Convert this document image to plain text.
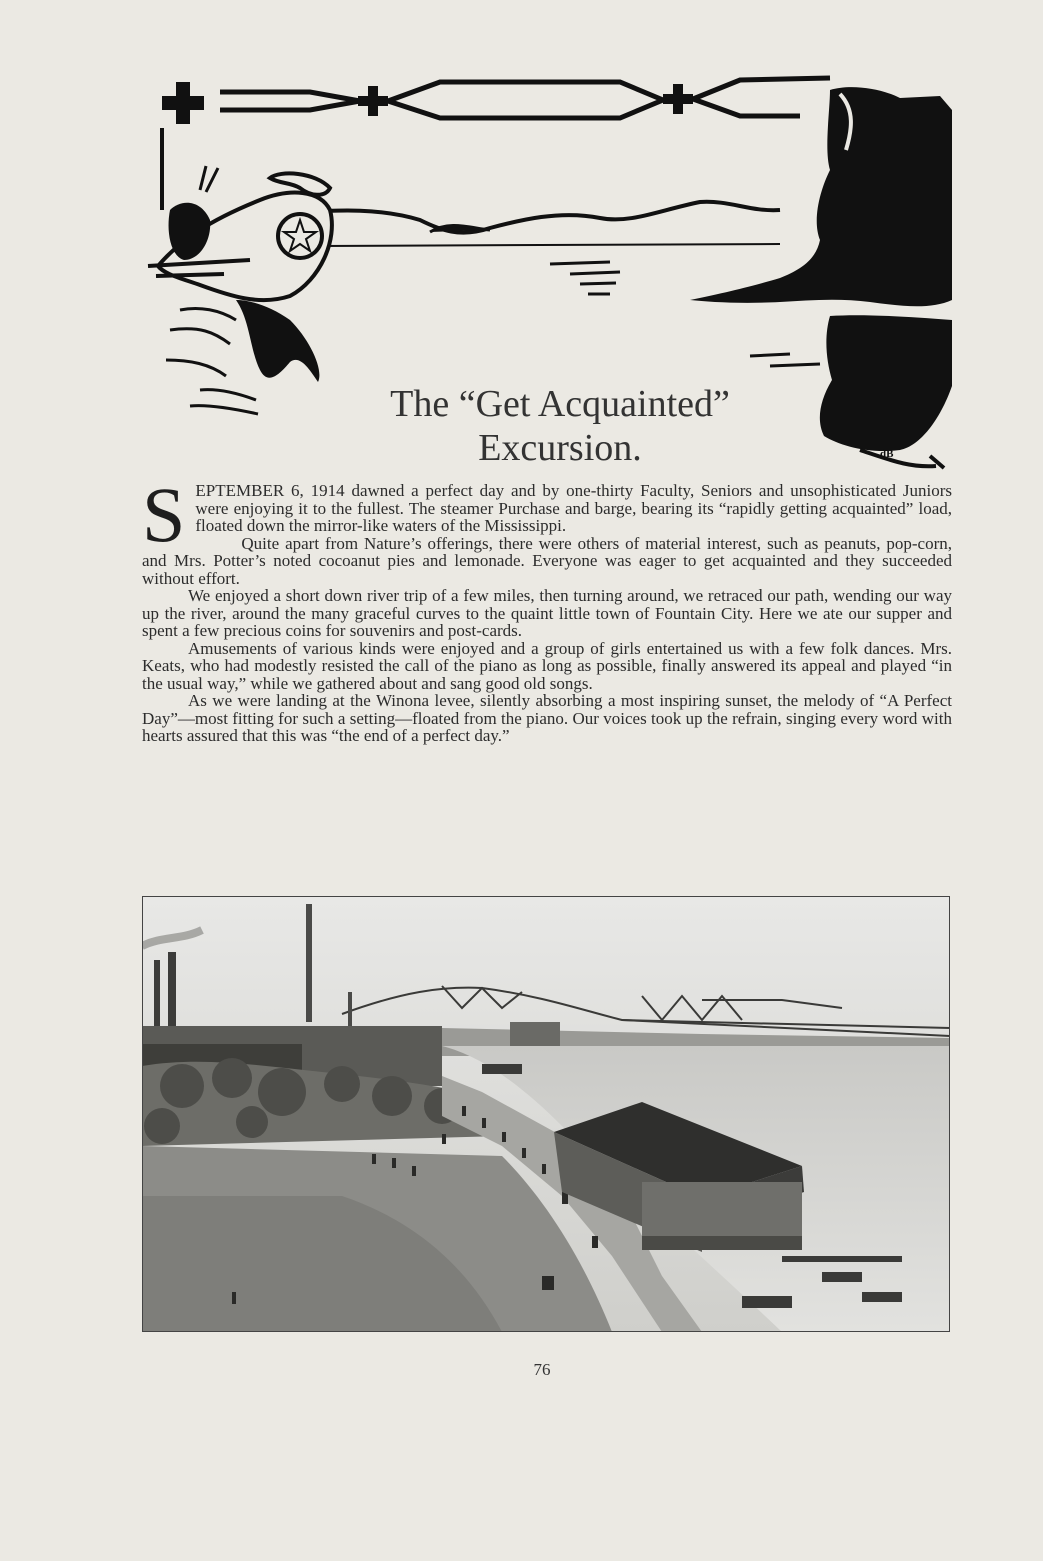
The “Get Acquainted”
Excursion.	dB

SEPTEMBER 6, 1914 dawned a perfect day and by one-thirty Faculty, Seniors and unsophisticated Juniors were enjoying it to the fullest. The steamer Purchase and barge, bearing its “rapidly getting acquainted” load, floated down the mirror-like waters of the Mississippi.

Quite apart from Nature’s offerings, there were others of material interest, such as peanuts, pop-corn, and Mrs. Potter’s noted cocoanut pies and lemonade. Everyone was eager to get acquainted and they succeeded without effort.

We enjoyed a short down river trip of a few miles, then turning around, we retraced our path, wending our way up the river, around the many graceful curves to the quaint little town of Fountain City. Here we ate our supper and spent a few precious coins for souvenirs and post-cards.

Amusements of various kinds were enjoyed and a group of girls entertained us with a few folk dances. Mrs. Keats, who had modestly resisted the call of the piano as long as possible, finally answered its appeal and played “in the usual way,” while we gathered about and sang good old songs.

As we were landing at the Winona levee, silently absorbing a most inspiring sunset, the melody of “A Perfect Day”—most fitting for such a setting—floated from the piano. Our voices took up the refrain, singing every word with hearts assured that this was “the end of a perfect day.”

76
